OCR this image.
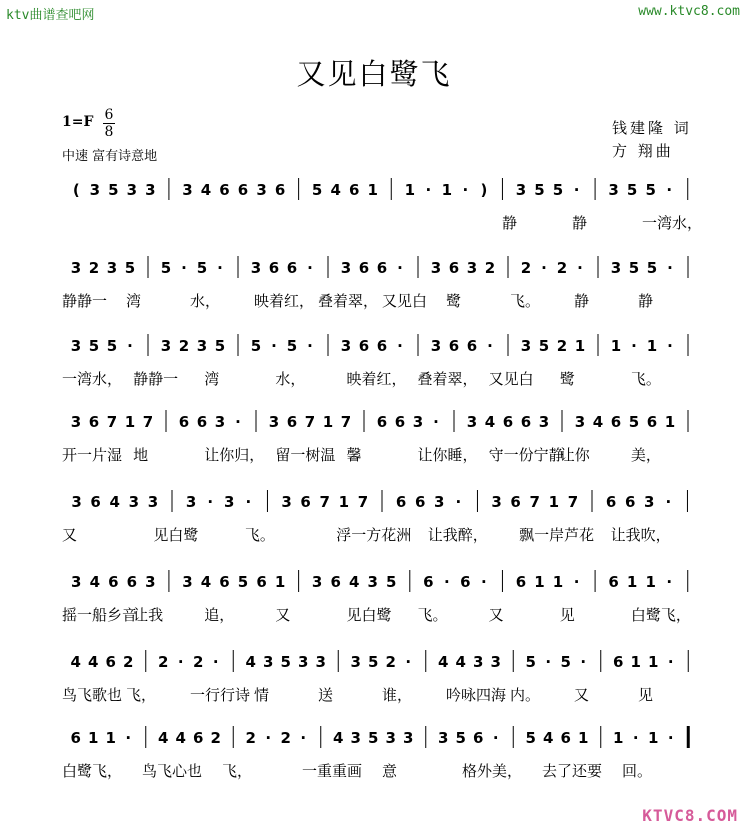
ktv曲谱查吧网	www.ktvc8.com
又见白鹭飞
1=F 6
8
中速 富有诗意地
钱建隆 词
方 翔曲
( 3 5 3 3 3 4 6 6 3 6 5 4 6 1 1 · 1 · ) 3 5 5 · 3 5 5 ·
静	静	一湾水，
3 2 3 5 5 · 5 · 3 6 6 · 3 6 6 · 3 6 3 2 2 · 2 · 3 5 5 ·
静静一 湾	水， 映着红， 叠着翠， 又见白 鹭	飞。 静	静
3 5 5 · 3 2 3 5 5 · 5 · 3 6 6 · 3 6 6 · 3 5 2 1 1 · 1 ·
一湾水， 静静一 湾	水，	映着红， 叠着翠， 又见白 鹭	飞。
3 6 7 1 7 6 6 3 · 3 6 7 1 7 6 6 3 · 3 4 6 6 3 3 4 6 5 6 1
开一片湿 地	让你归， 留一树温 馨	让你睡， 守一份宁静
让你	美，
3 6 4 3 3 3 · 3 · 3 6 7 1 7 6 6 3 · 3 6 7 1 7 6 6 3 ·
又	见白鹭	飞。	浮一方花洲 让我醉， 飘一岸芦花 让我吹，
3 4 6 6 3 3 4 6 5 6 1 3 6 4 3 5 6 · 6 · 6 1 1 · 6 1 1 ·
摇一船乡音
让我	追，	又	见白鹭 飞。	又	见	白鹭飞，
4 4 6 2 2 · 2 · 4 3 5 3 3 3 5 2 · 4 4 3 3 5 · 5 · 6 1 1 ·
鸟飞歌也 飞， 一行行诗 情	送	谁， 吟咏四海 内。 又	见
6 1 1 · 4 4 6 2 2 · 2 · 4 3 5 3 3 3 5 6 · 5 4 6 1 1 · 1 ·
白鹭飞， 鸟飞心也 飞，	一重重画 意	格外美， 去了还要 回。
KTVC8.COM
